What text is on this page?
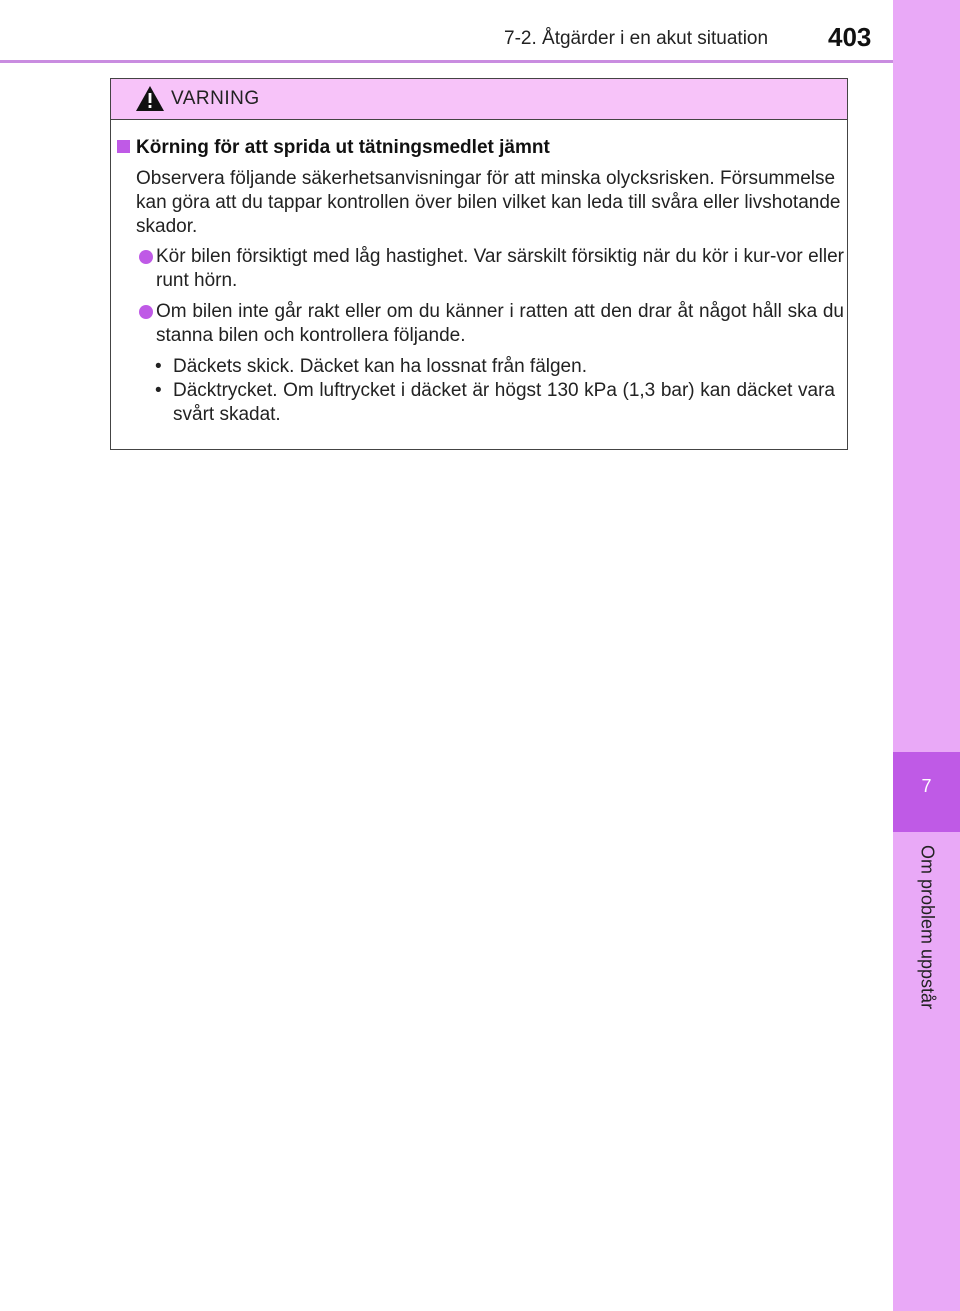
7-2. Åtgärder i en akut situation 403
7
Om problem uppstår
VARNING
Körning för att sprida ut tätningsmedlet jämnt
Observera följande säkerhetsanvisningar för att minska olycksrisken. Försummelse kan göra att du tappar kontrollen över bilen vilket kan leda till svåra eller livshotande skador.
Kör bilen försiktigt med låg hastighet. Var särskilt försiktig när du kör i kur-vor eller runt hörn.
Om bilen inte går rakt eller om du känner i ratten att den drar åt något håll ska du stanna bilen och kontrollera följande.
• Däckets skick. Däcket kan ha lossnat från fälgen.
• Däcktrycket. Om luftrycket i däcket är högst 130 kPa (1,3 bar) kan däcket vara svårt skadat.
